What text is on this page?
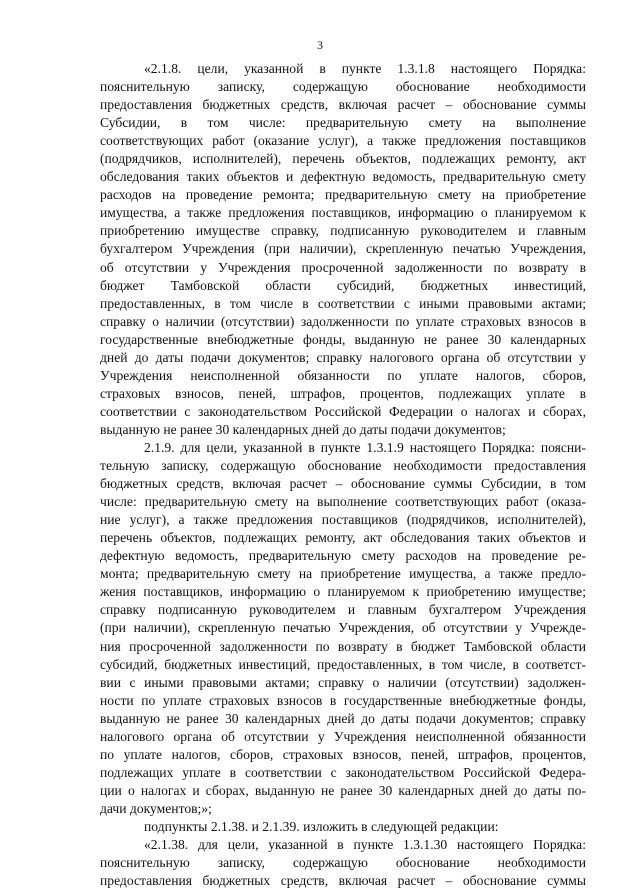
3
«2.1.8. цели, указанной в пункте 1.3.1.8 настоящего Порядка:
пояснительную записку, содержащую обоснование необходимости
предоставления бюджетных средств, включая расчет – обоснование суммы
Субсидии, в том числе: предварительную смету на выполнение
соответствующих работ (оказание услуг), а также предложения поставщиков
(подрядчиков, исполнителей), перечень объектов, подлежащих ремонту, акт
обследования таких объектов и дефектную ведомость, предварительную смету
расходов на проведение ремонта; предварительную смету на приобретение
имущества, а также предложения поставщиков, информацию о планируемом к
приобретению имуществе справку, подписанную руководителем и главным
бухгалтером Учреждения (при наличии), скрепленную печатью Учреждения,
об отсутствии у Учреждения просроченной задолженности по возврату в
бюджет Тамбовской области субсидий, бюджетных инвестиций,
предоставленных, в том числе в соответствии с иными правовыми актами;
справку о наличии (отсутствии) задолженности по уплате страховых взносов в
государственные внебюджетные фонды, выданную не ранее 30 календарных
дней до даты подачи документов; справку налогового органа об отсутствии у
Учреждения неисполненной обязанности по уплате налогов, сборов,
страховых взносов, пеней, штрафов, процентов, подлежащих уплате в
соответствии с законодательством Российской Федерации о налогах и сборах,
выданную не ранее 30 календарных дней до даты подачи документов;
2.1.9. для цели, указанной в пункте 1.3.1.9 настоящего Порядка: поясни-
тельную записку, содержащую обоснование необходимости предоставления
бюджетных средств, включая расчет – обоснование суммы Субсидии, в том
числе: предварительную смету на выполнение соответствующих работ (оказа-
ние услуг), а также предложения поставщиков (подрядчиков, исполнителей),
перечень объектов, подлежащих ремонту, акт обследования таких объектов и
дефектную ведомость, предварительную смету расходов на проведение ре-
монта; предварительную смету на приобретение имущества, а также предло-
жения поставщиков, информацию о планируемом к приобретению имуществе;
справку подписанную руководителем и главным бухгалтером Учреждения
(при наличии), скрепленную печатью Учреждения, об отсутствии у Учрежде-
ния просроченной задолженности по возврату в бюджет Тамбовской области
субсидий, бюджетных инвестиций, предоставленных, в том числе, в соответст-
вии с иными правовыми актами; справку о наличии (отсутствии) задолжен-
ности по уплате страховых взносов в государственные внебюджетные фонды,
выданную не ранее 30 календарных дней до даты подачи документов; справку
налогового органа об отсутствии у Учреждения неисполненной обязанности
по уплате налогов, сборов, страховых взносов, пеней, штрафов, процентов,
подлежащих уплате в соответствии с законодательством Российской Федера-
ции о налогах и сборах, выданную не ранее 30 календарных дней до даты по-
дачи документов;»;
подпункты 2.1.38. и 2.1.39. изложить в следующей редакции:
«2.1.38. для цели, указанной в пункте 1.3.1.30 настоящего Порядка:
пояснительную записку, содержащую обоснование необходимости
предоставления бюджетных средств, включая расчет – обоснование суммы
